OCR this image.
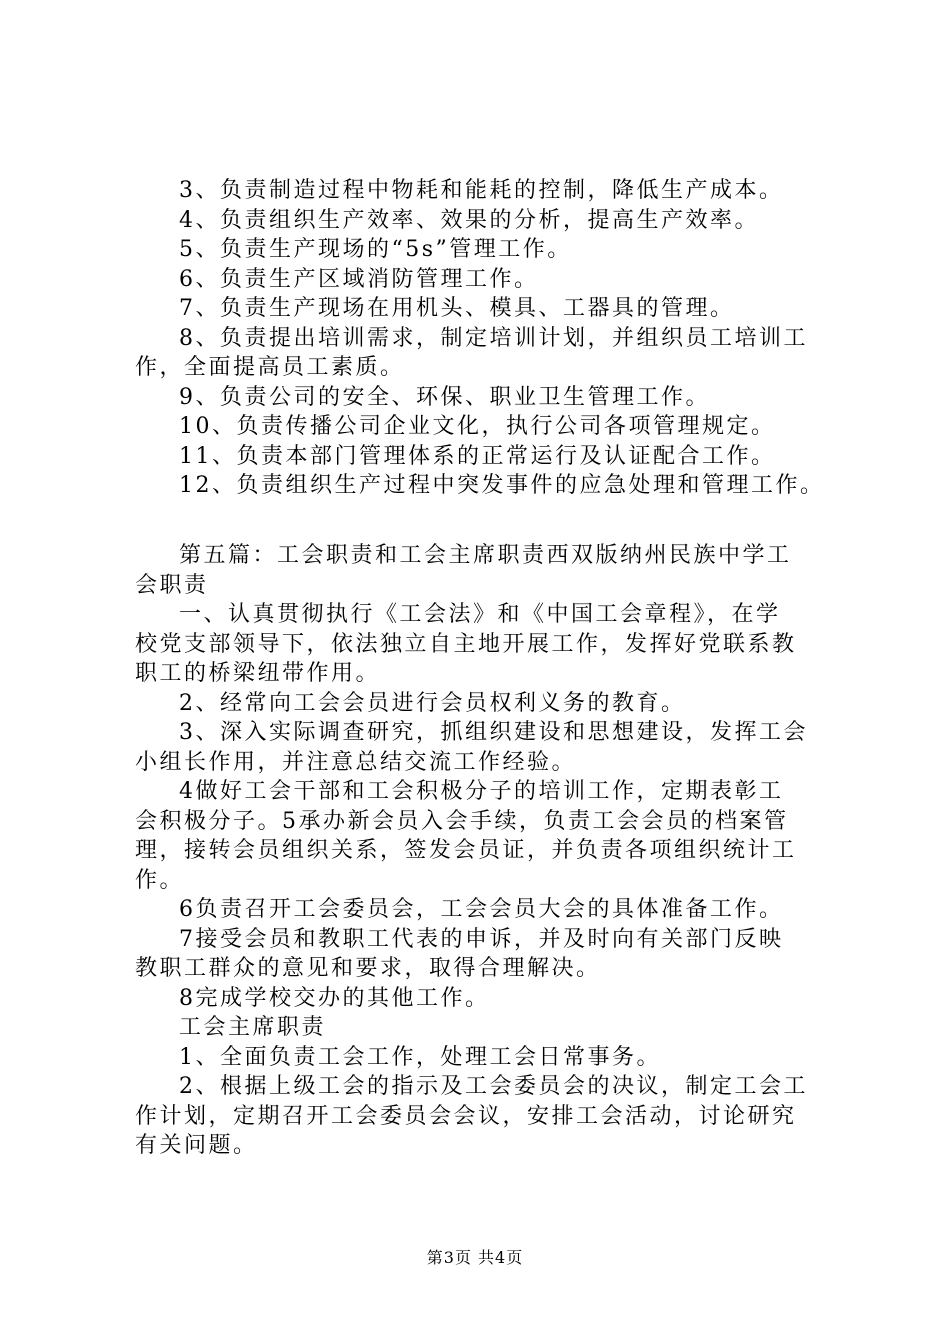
3、负责制造过程中物耗和能耗的控制，降低生产成本。

4、负责组织生产效率、效果的分析，提高生产效率。

5、负责生产现场的“5s”管理工作。

6、负责生产区域消防管理工作。

7、负责生产现场在用机头、模具、工器具的管理。

8、负责提出培训需求，制定培训计划，并组织员工培训工

作，全面提高员工素质。

9、负责公司的安全、环保、职业卫生管理工作。

10、负责传播公司企业文化，执行公司各项管理规定。

11、负责本部门管理体系的正常运行及认证配合工作。

12、负责组织生产过程中突发事件的应急处理和管理工作。

第五篇：工会职责和工会主席职责西双版纳州民族中学工

会职责

一、认真贯彻执行《工会法》和《中国工会章程》，在学

校党支部领导下，依法独立自主地开展工作，发挥好党联系教

职工的桥梁纽带作用。

2、经常向工会会员进行会员权利义务的教育。

3、深入实际调查研究，抓组织建设和思想建设，发挥工会

小组长作用，并注意总结交流工作经验。

4做好工会干部和工会积极分子的培训工作，定期表彰工

会积极分子。5承办新会员入会手续，负责工会会员的档案管

理，接转会员组织关系，签发会员证，并负责各项组织统计工

作。

6负责召开工会委员会，工会会员大会的具体准备工作。

7接受会员和教职工代表的申诉，并及时向有关部门反映

教职工群众的意见和要求，取得合理解决。

8完成学校交办的其他工作。

工会主席职责

1、全面负责工会工作，处理工会日常事务。

2、根据上级工会的指示及工会委员会的决议，制定工会工

作计划，定期召开工会委员会会议，安排工会活动，讨论研究

有关问题。

第3页 共4页
